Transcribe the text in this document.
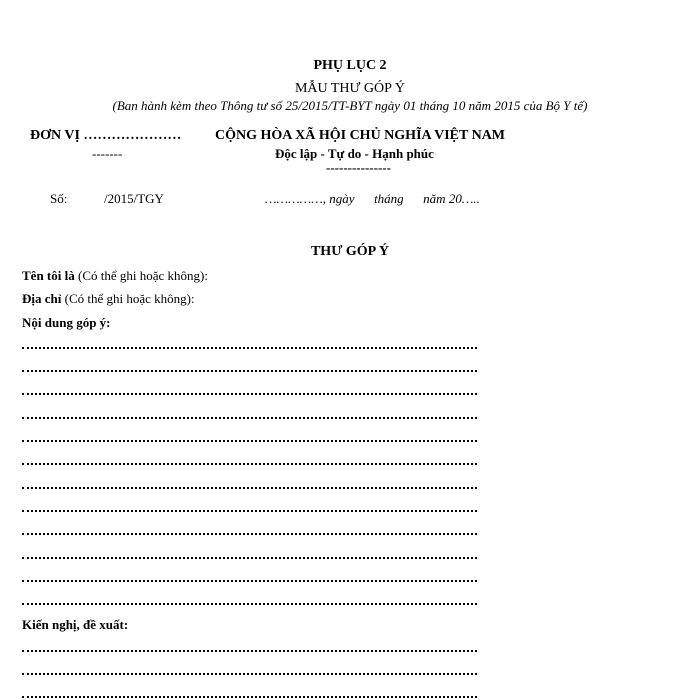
PHỤ LỤC 2
MẪU THƯ GÓP Ý
(Ban hành kèm theo Thông tư số 25/2015/TT-BYT ngày 01 tháng 10 năm 2015 của Bộ Y tế)
ĐƠN VỊ …………………
-------
CỘNG HÒA XÃ HỘI CHỦ NGHĨA VIỆT NAM
Độc lập - Tự do - Hạnh phúc
---------------
Số:	/2015/TGY	……………, ngày      tháng      năm 20…..
THƯ GÓP Ý
Tên tôi là (Có thể ghi hoặc không):
Địa chỉ (Có thể ghi hoặc không):
Nội dung góp ý:
Kiến nghị, đề xuất:
